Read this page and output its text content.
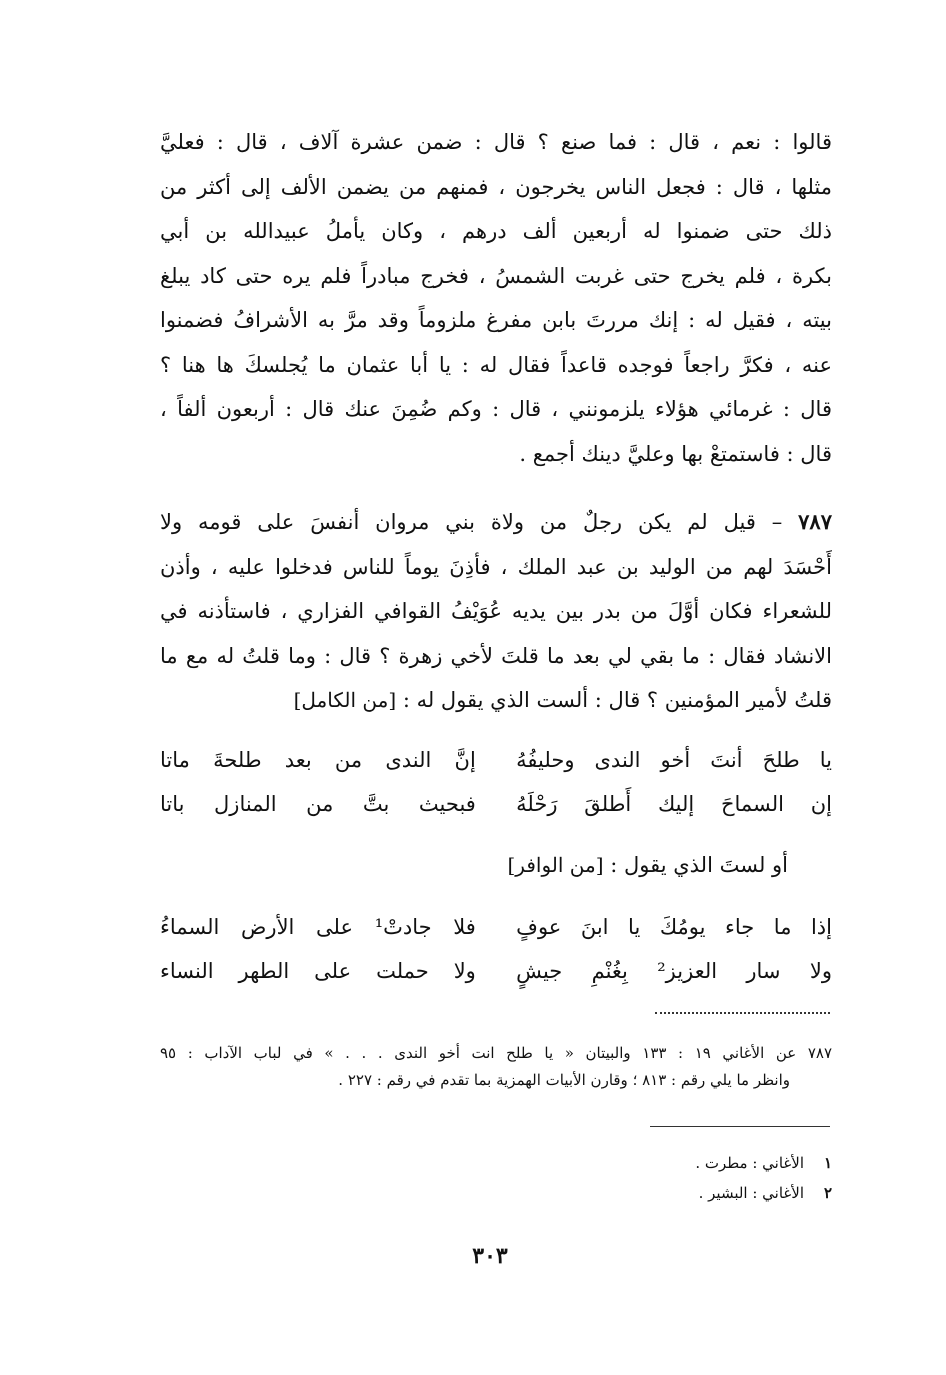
قالوا : نعم ، قال : فما صنع ؟ قال : ضمن عشرة آلاف ، قال : فعليَّ
مثلها ، قال : فجعل الناس يخرجون ، فمنهم من يضمن الألف إلى أكثر من
ذلك حتى ضمنوا له أربعين ألف درهم ، وكان يأملُ عبيدالله بن أبي
بكرة ، فلم يخرج حتى غربت الشمسُ ، فخرج مبادراً فلم يره حتى كاد يبلغ
بيته ، فقيل له : إنك مررتَ بابن مفرغ ملزوماً وقد مرَّ به الأشرافُ فضمنوا
عنه ، فكرَّ راجعاً فوجده قاعداً فقال له : يا أبا عثمان ما يُجلسكَ ها هنا ؟
قال : غرمائي هؤلاء يلزمونني ، قال : وكم ضُمِنَ عنك قال : أربعون ألفاً ،
قال : فاستمتعْ بها وعليَّ دينك أجمع .
٧٨٧ – قيل لم يكن رجلٌ من ولاة بني مروان أنفسَ على قومه ولا
أَحْسَدَ لهم من الوليد بن عبد الملك ، فأذِنَ يوماً للناس فدخلوا عليه ، وأذن
للشعراء فكان أوَّلَ من بدر بين يديه عُوَيْفُ القوافي الفزاري ، فاستأذنه في
الانشاد فقال : ما بقي لي بعد ما قلتَ لأخي زهرة ؟ قال : وما قلتُ له مع ما
قلتُ لأمير المؤمنين ؟ قال : ألست الذي يقول له : [من الكامل]
يا طلحَ أنتَ أخو الندى وحليفُهُ
إنَّ الندى من بعد طلحةَ ماتا
إن السماحَ إليك أَطلقَ رَحْلَهُ
فبحيث بتَّ من المنازل باتا
أو لستَ الذي يقول : [من الوافر]
إذا ما جاء يومُكَ يا ابنَ عوفٍ
فلا جادتْ¹ على الأرض السماءُ
ولا سار العزيز² بِغُنْمِ جيشٍ
ولا حملت على الطهر النساء
٧٨٧ عن الأغاني ١٩ : ١٣٣ والبيتان « يا طلح انت أخو الندى . . . » في لباب الآداب : ٩٥
وانظر ما يلي رقم : ٨١٣ ؛ وقارن الأبيات الهمزية بما تقدم في رقم : ٢٢٧ .
١
الأغاني : مطرت .
٢
الأغاني : البشير .
٣٠٣
